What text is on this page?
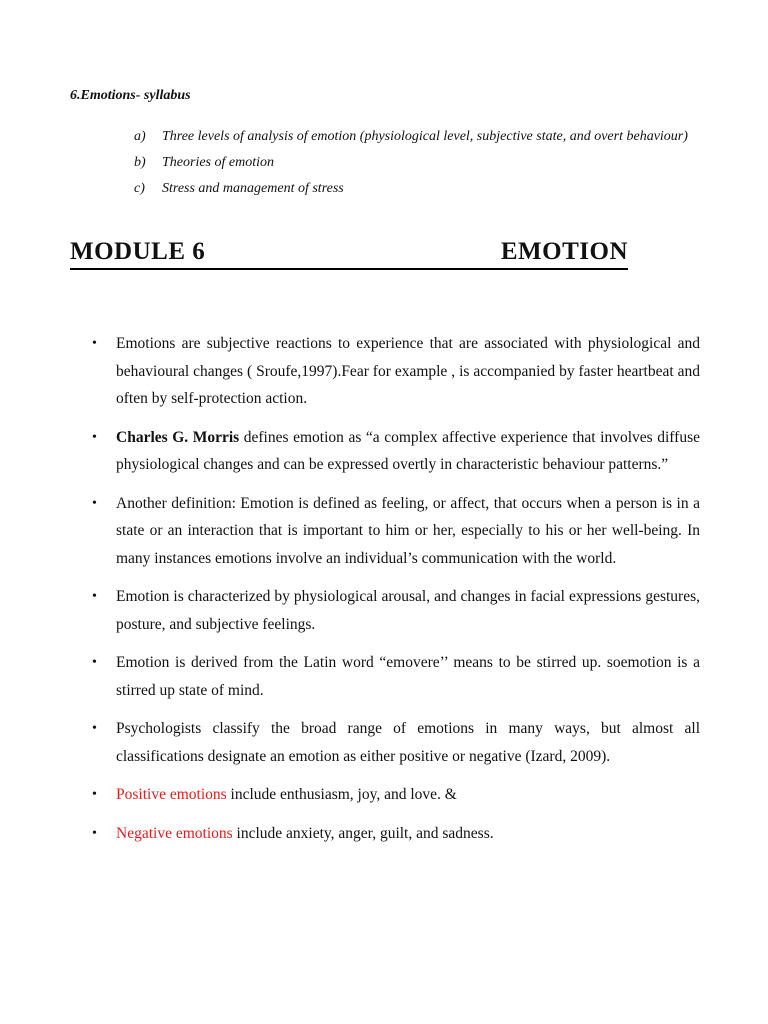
6.Emotions- syllabus
a) Three levels of analysis of emotion (physiological level, subjective state, and overt behaviour)
b) Theories of emotion
c) Stress and management of stress
MODULE 6	EMOTION
• Emotions are subjective reactions to experience that are associated with physiological and behavioural changes ( Sroufe,1997).Fear for example , is accompanied by faster heartbeat and often by self-protection action.
• Charles G. Morris defines emotion as “a complex affective experience that involves diffuse physiological changes and can be expressed overtly in characteristic behaviour patterns.”
• Another definition: Emotion is defined as feeling, or affect, that occurs when a person is in a state or an interaction that is important to him or her, especially to his or her well-being. In many instances emotions involve an individual’s communication with the world.
• Emotion is characterized by physiological arousal, and changes in facial expressions gestures, posture, and subjective feelings.
• Emotion is derived from the Latin word “emovere’’ means to be stirred up. soemotion is a stirred up state of mind.
• Psychologists classify the broad range of emotions in many ways, but almost all classifications designate an emotion as either positive or negative (Izard, 2009).
• Positive emotions include enthusiasm, joy, and love. &
• Negative emotions include anxiety, anger, guilt, and sadness.
